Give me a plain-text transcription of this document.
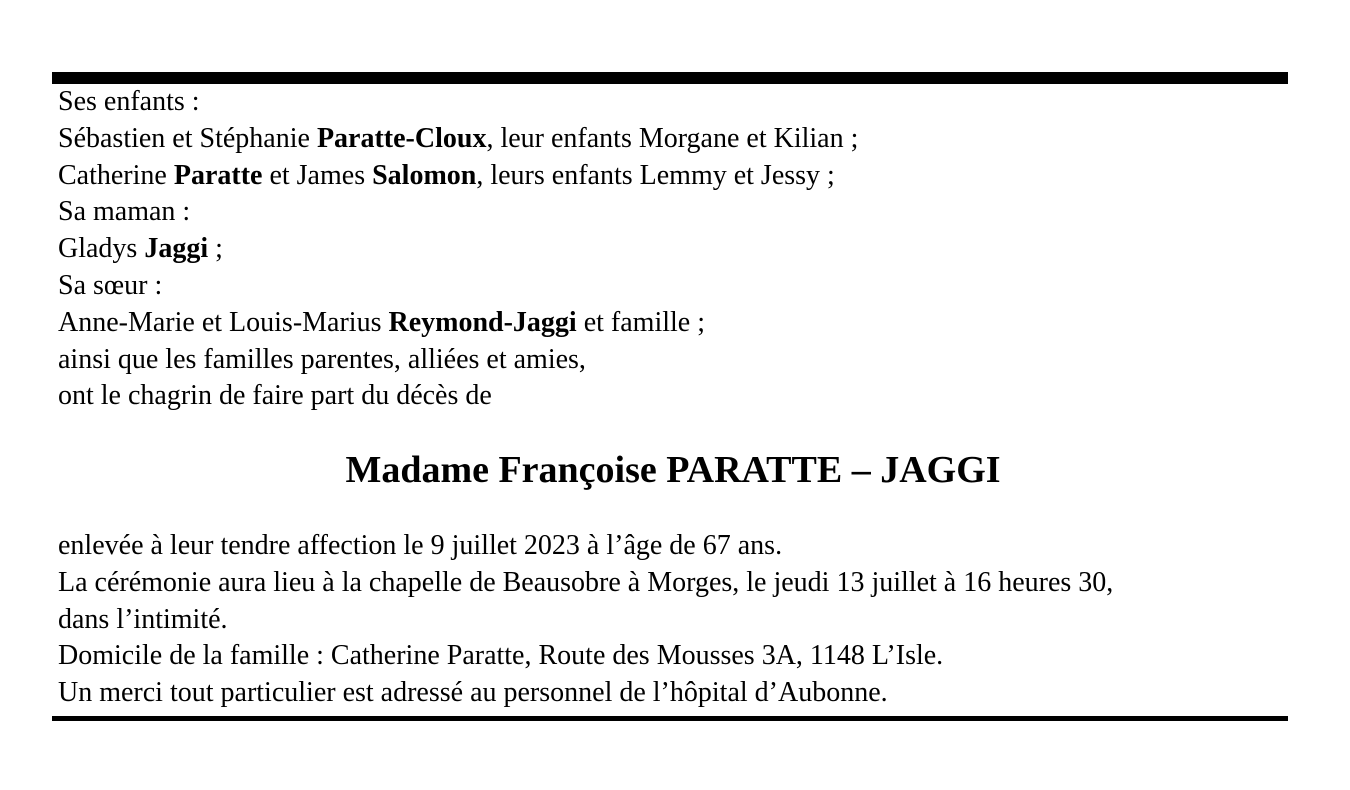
Ses enfants :
Sébastien et Stéphanie Paratte-Cloux, leur enfants Morgane et Kilian ;
Catherine Paratte et James Salomon, leurs enfants Lemmy et Jessy ;
Sa maman :
Gladys Jaggi ;
Sa sœur :
Anne-Marie et Louis-Marius Reymond-Jaggi et famille ;
ainsi que les familles parentes, alliées et amies,
ont le chagrin de faire part du décès de
Madame Françoise PARATTE – JAGGI
enlevée à leur tendre affection le 9 juillet 2023 à l’âge de 67 ans.
La cérémonie aura lieu à la chapelle de Beausobre à Morges, le jeudi 13 juillet à 16 heures 30,
dans l’intimité.
Domicile de la famille : Catherine Paratte, Route des Mousses 3A, 1148 L’Isle.
Un merci tout particulier est adressé au personnel de l’hôpital d’Aubonne.
